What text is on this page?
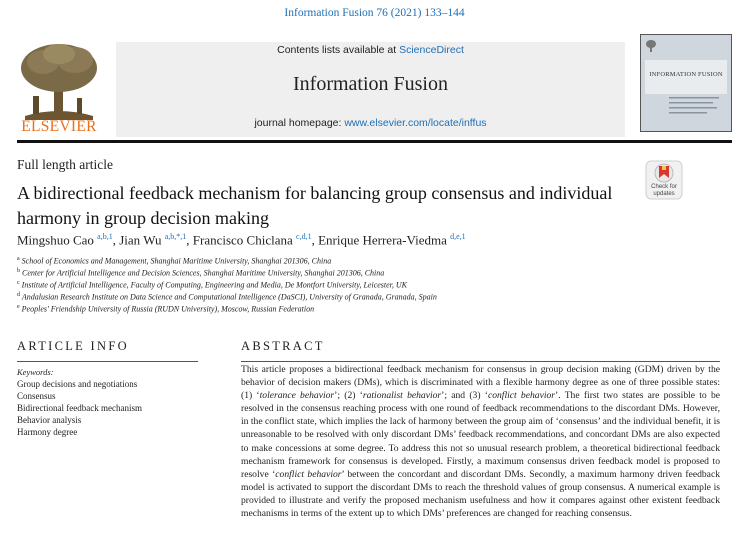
Information Fusion 76 (2021) 133–144
ELSEVIER
Contents lists available at ScienceDirect
Information Fusion
journal homepage: www.elsevier.com/locate/inffus
INFORMATION FUSION
Full length article
Check for
updates
A bidirectional feedback mechanism for balancing group consensus and individual harmony in group decision making
Mingshuo Cao $^{a,b,1}$, Jian Wu $^{a,b,*,1}$, Francisco Chiclana $^{c,d,1}$, Enrique Herrera-Viedma $^{d,e,1}$
$^a$ School of Economics and Management, Shanghai Maritime University, Shanghai 201306, China
$^b$ Center for Artificial Intelligence and Decision Sciences, Shanghai Maritime University, Shanghai 201306, China
$^c$ Institute of Artificial Intelligence, Faculty of Computing, Engineering and Media, De Montfort University, Leicester, UK
$^d$ Andalusian Research Institute on Data Science and Computational Intelligence (DaSCI), University of Granada, Granada, Spain
$^e$ Peoples' Friendship University of Russia (RUDN University), Moscow, Russian Federation
ARTICLE INFO	ABSTRACT
Keywords:
Group decisions and negotiations
Consensus
Bidirectional feedback mechanism
Behavior analysis
Harmony degree

This article proposes a bidirectional feedback mechanism for consensus in group decision making (GDM) driven by the behavior of decision makers (DMs), which is discriminated with a flexible harmony degree as one of three possible states: (1) ‘tolerance behavior’; (2) ‘rationalist behavior’; and (3) ‘conflict behavior’. The first two states are possible to be resolved in the consensus reaching process with one round of feedback recommendations to the discordant DMs. However, in the conflict state, which implies the lack of harmony between the group aim of ‘consensus’ and the individual benefit, it is unreasonable to be resolved with only discordant DMs’ feedback recommendations, and concordant DMs are also expected to make concessions at some degree. To address this not so unusual research problem, a theoretical bidirectional feedback mechanism framework for consensus is developed. Firstly, a maximum consensus driven feedback model is proposed to resolve ‘conflict behavior’ between the concordant and discordant DMs. Secondly, a maximum harmony driven feedback model is activated to support the discordant DMs to reach the threshold values of group consensus. A numerical example is provided to illustrate and verify the proposed mechanism usefulness and how it compares against other existent feedback mechanisms in terms of the extent up to which DMs’ preferences are changed for reaching consensus.
